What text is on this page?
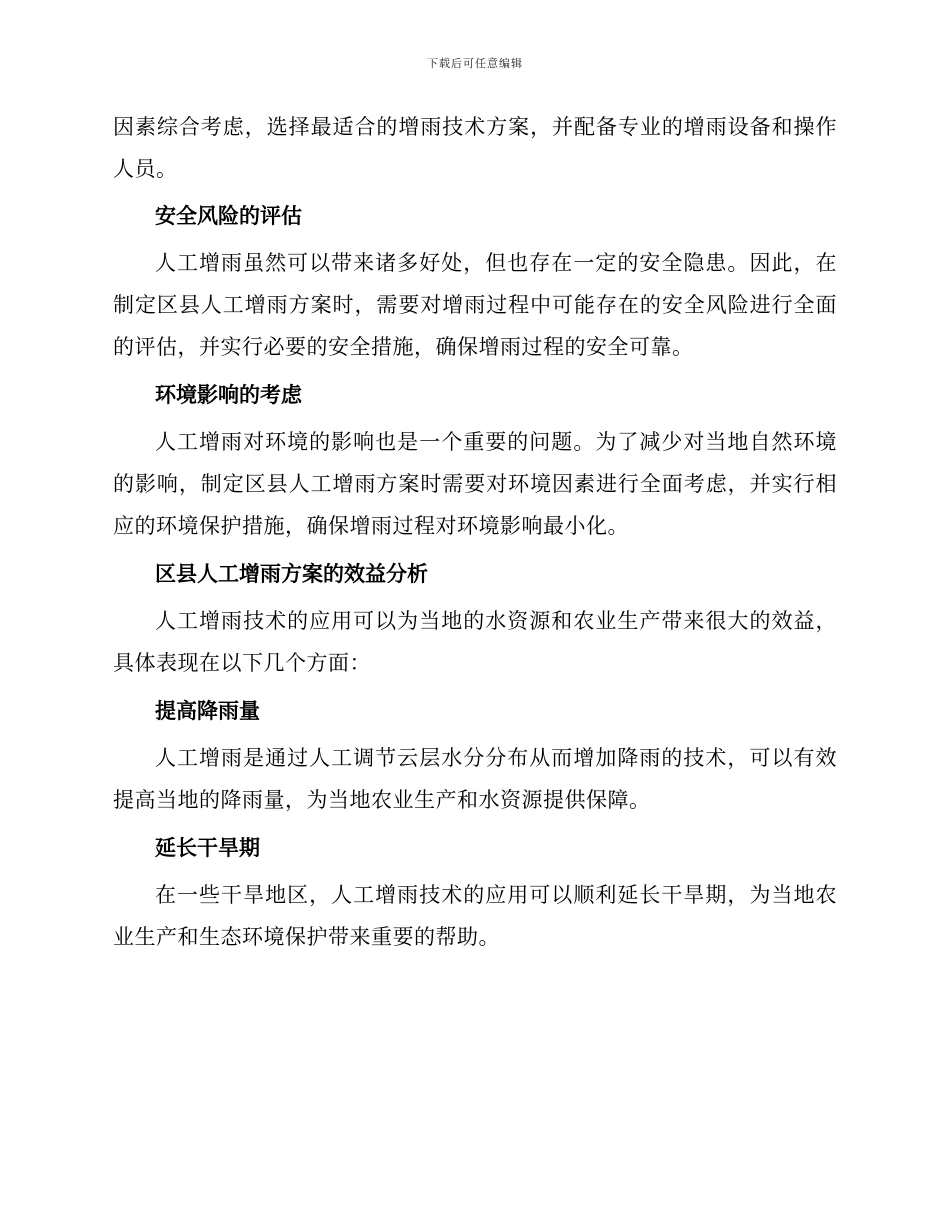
下载后可任意编辑

因素综合考虑，选择最适合的增雨技术方案，并配备专业的增雨设备和操作人员。

安全风险的评估

人工增雨虽然可以带来诸多好处，但也存在一定的安全隐患。因此，在制定区县人工增雨方案时，需要对增雨过程中可能存在的安全风险进行全面的评估，并实行必要的安全措施，确保增雨过程的安全可靠。

环境影响的考虑

人工增雨对环境的影响也是一个重要的问题。为了减少对当地自然环境的影响，制定区县人工增雨方案时需要对环境因素进行全面考虑，并实行相应的环境保护措施，确保增雨过程对环境影响最小化。

区县人工增雨方案的效益分析

人工增雨技术的应用可以为当地的水资源和农业生产带来很大的效益，具体表现在以下几个方面：

提高降雨量

人工增雨是通过人工调节云层水分分布从而增加降雨的技术，可以有效提高当地的降雨量，为当地农业生产和水资源提供保障。

延长干旱期

在一些干旱地区，人工增雨技术的应用可以顺利延长干旱期，为当地农业生产和生态环境保护带来重要的帮助。
